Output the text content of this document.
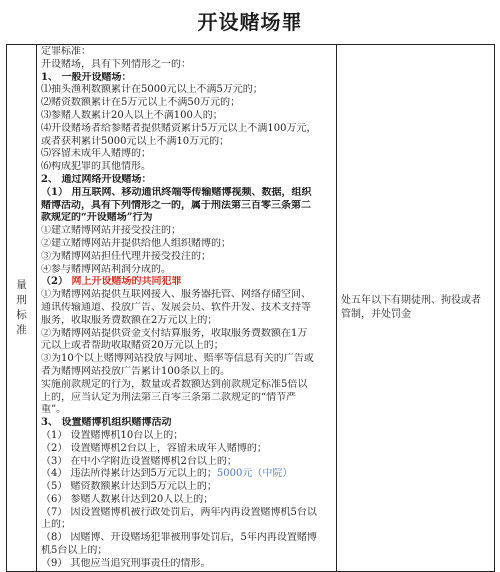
开设赌场罪
量刑标准	
定罪标准：
开设赌场，具有下列情形之一的：
1、 一般开设赌场：
⑴抽头渔利数额累计在5000元以上不满5万元的；
⑵赌资数额累计在5万元以上不满50万元的；
⑶参赌人数累计20人以上不满100人的；
⑷开设赌场者给参赌者提供赌资累计5万元以上不满100万元，
或者获利累计5000元以上不满10万元的；
⑸容留未成年人赌博的；
⑹构成犯罪的其他情形。
2、 通过网络开设赌场：
（1） 用互联网、移动通讯终端等传输赌博视频、数据，组织
赌博活动，具有下列情形之一的，属于刑法第三百零三条第二
款规定的“开设赌场”行为
①建立赌博网站并接受投注的；
②建立赌博网站并提供给他人组织赌博的；
③为赌博网站担任代理并接受投注的；
④参与赌博网站利润分成的。
（2） 网上开设赌场的共同犯罪
①为赌博网站提供互联网接入、服务器托管、网络存储空间、
通讯传输通道、投放广告、发展会员、软件开发、技术支持等
服务，收取服务费数额在2万元以上的；
②为赌博网站提供资金支付结算服务，收取服务费数额在1万
元以上或者帮助收取赌资20万元以上的；
③为10个以上赌博网站投放与网址、赔率等信息有关的广告或
者为赌博网站投放广告累计100条以上的。
实施前款规定的行为，数量或者数额达到前款规定标准5倍以
上的，应当认定为刑法第三百零三条第二款规定的“情节严
重”。
3、 设置赌博机组织赌博活动
（1） 设置赌博机10台以上的；
（2） 设置赌博机2台以上，容留未成年人赌博的；
（3） 在中小学附近设置赌博机2台以上的；
（4） 违法所得累计达到5万元以上的；5000元（中院）
（5） 赌资数额累计达到5万元以上的；
（6） 参赌人数累计达到20人以上的；
（7） 因设置赌博机被行政处罚后，两年内再设置赌博机5台以
上的；
（8） 因赌博、开设赌场犯罪被刑事处罚后，5年内再设置赌博
机5台以上的；
（9） 其他应当追究刑事责任的情形。

处五年以下有期徒刑、拘役或者管制，并处罚金
